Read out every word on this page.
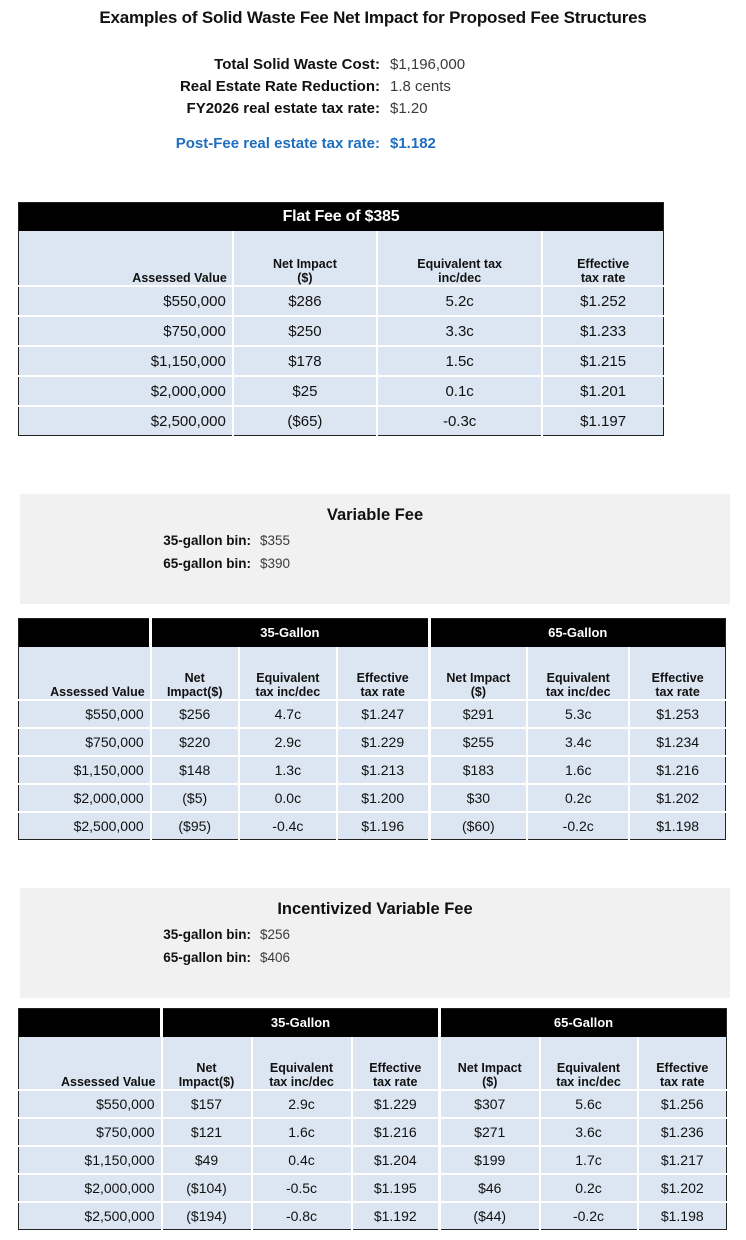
Examples of Solid Waste Fee Net Impact for Proposed Fee Structures
Total Solid Waste Cost: $1,196,000
Real Estate Rate Reduction: 1.8 cents
FY2026 real estate tax rate: $1.20
Post-Fee real estate tax rate: $1.182
Flat Fee of $385			
Assessed Value	
Net Impact
($)

Equivalent tax
inc/dec

Effective
tax rate

$550,000	$286	5.2c	$1.252
$750,000	$250	3.3c	$1.233
$1,150,000	$178	1.5c	$1.215
$2,000,000	$25	0.1c	$1.201
$2,500,000	($65)	-0.3c	$1.197
Variable Fee
35-gallon bin: $355
65-gallon bin: $390
	35-Gallon			65-Gallon		
Assessed Value	
Net
Impact($)

Equivalent
tax inc/dec

Effective
tax rate

Net Impact
($)

Equivalent
tax inc/dec

Effective
tax rate

$550,000	$256	4.7c	$1.247	$291	5.3c	$1.253
$750,000	$220	2.9c	$1.229	$255	3.4c	$1.234
$1,150,000	$148	1.3c	$1.213	$183	1.6c	$1.216
$2,000,000	($5)	0.0c	$1.200	$30	0.2c	$1.202
$2,500,000	($95)	-0.4c	$1.196	($60)	-0.2c	$1.198
Incentivized Variable Fee
35-gallon bin: $256
65-gallon bin: $406
	35-Gallon			65-Gallon		
Assessed Value	
Net
Impact($)

Equivalent
tax inc/dec

Effective
tax rate

Net Impact
($)

Equivalent
tax inc/dec

Effective
tax rate

$550,000	$157	2.9c	$1.229	$307	5.6c	$1.256
$750,000	$121	1.6c	$1.216	$271	3.6c	$1.236
$1,150,000	$49	0.4c	$1.204	$199	1.7c	$1.217
$2,000,000	($104)	-0.5c	$1.195	$46	0.2c	$1.202
$2,500,000	($194)	-0.8c	$1.192	($44)	-0.2c	$1.198
